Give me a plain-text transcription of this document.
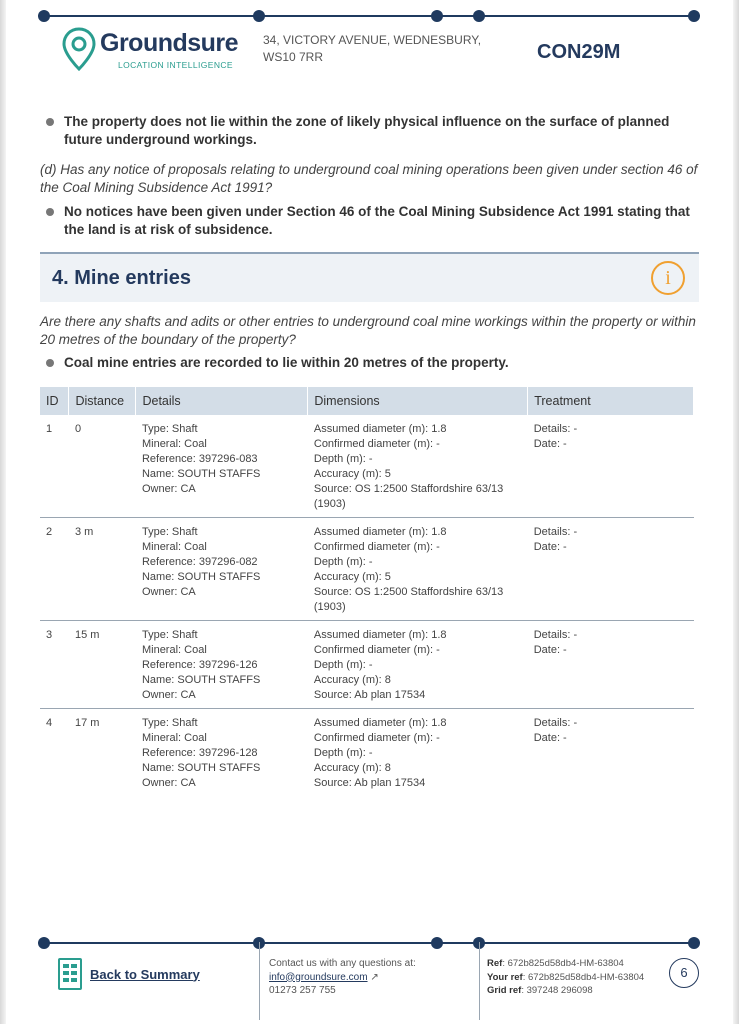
Groundsure
LOCATION INTELLIGENCE
34, VICTORY AVENUE, WEDNESBURY,
WS10 7RR	CON29M
The property does not lie within the zone of likely physical influence on the surface of planned future underground workings.
(d) Has any notice of proposals relating to underground coal mining operations been given under section 46 of the Coal Mining Subsidence Act 1991?
No notices have been given under Section 46 of the Coal Mining Subsidence Act 1991 stating that the land is at risk of subsidence.
4. Mine entries	i
Are there any shafts and adits or other entries to underground coal mine workings within the property or within 20 metres of the boundary of the property?
Coal mine entries are recorded to lie within 20 metres of the property.
ID	Distance	Details	Dimensions	Treatment
1	0	Type: Shaft
Mineral: Coal
Reference: 397296-083
Name: SOUTH STAFFS
Owner: CA	Assumed diameter (m): 1.8
Confirmed diameter (m): -
Depth (m): -
Accuracy (m): 5
Source: OS 1:2500 Staffordshire 63/13 (1903)	Details: -
Date: -

2	3 m	Type: Shaft
Mineral: Coal
Reference: 397296-082
Name: SOUTH STAFFS
Owner: CA	Assumed diameter (m): 1.8
Confirmed diameter (m): -
Depth (m): -
Accuracy (m): 5
Source: OS 1:2500 Staffordshire 63/13 (1903)	Details: -
Date: -

3	15 m	Type: Shaft
Mineral: Coal
Reference: 397296-126
Name: SOUTH STAFFS
Owner: CA	Assumed diameter (m): 1.8
Confirmed diameter (m): -
Depth (m): -
Accuracy (m): 8
Source: Ab plan 17534	Details: -
Date: -

4	17 m	Type: Shaft
Mineral: Coal
Reference: 397296-128
Name: SOUTH STAFFS
Owner: CA	Assumed diameter (m): 1.8
Confirmed diameter (m): -
Depth (m): -
Accuracy (m): 8
Source: Ab plan 17534	Details: -
Date: -
Back to Summary
Contact us with any questions at:
info@groundsure.com ↗
01273 257 755
Ref: 672b825d58db4-HM-63804
Your ref: 672b825d58db4-HM-63804
Grid ref: 397248 296098
6
